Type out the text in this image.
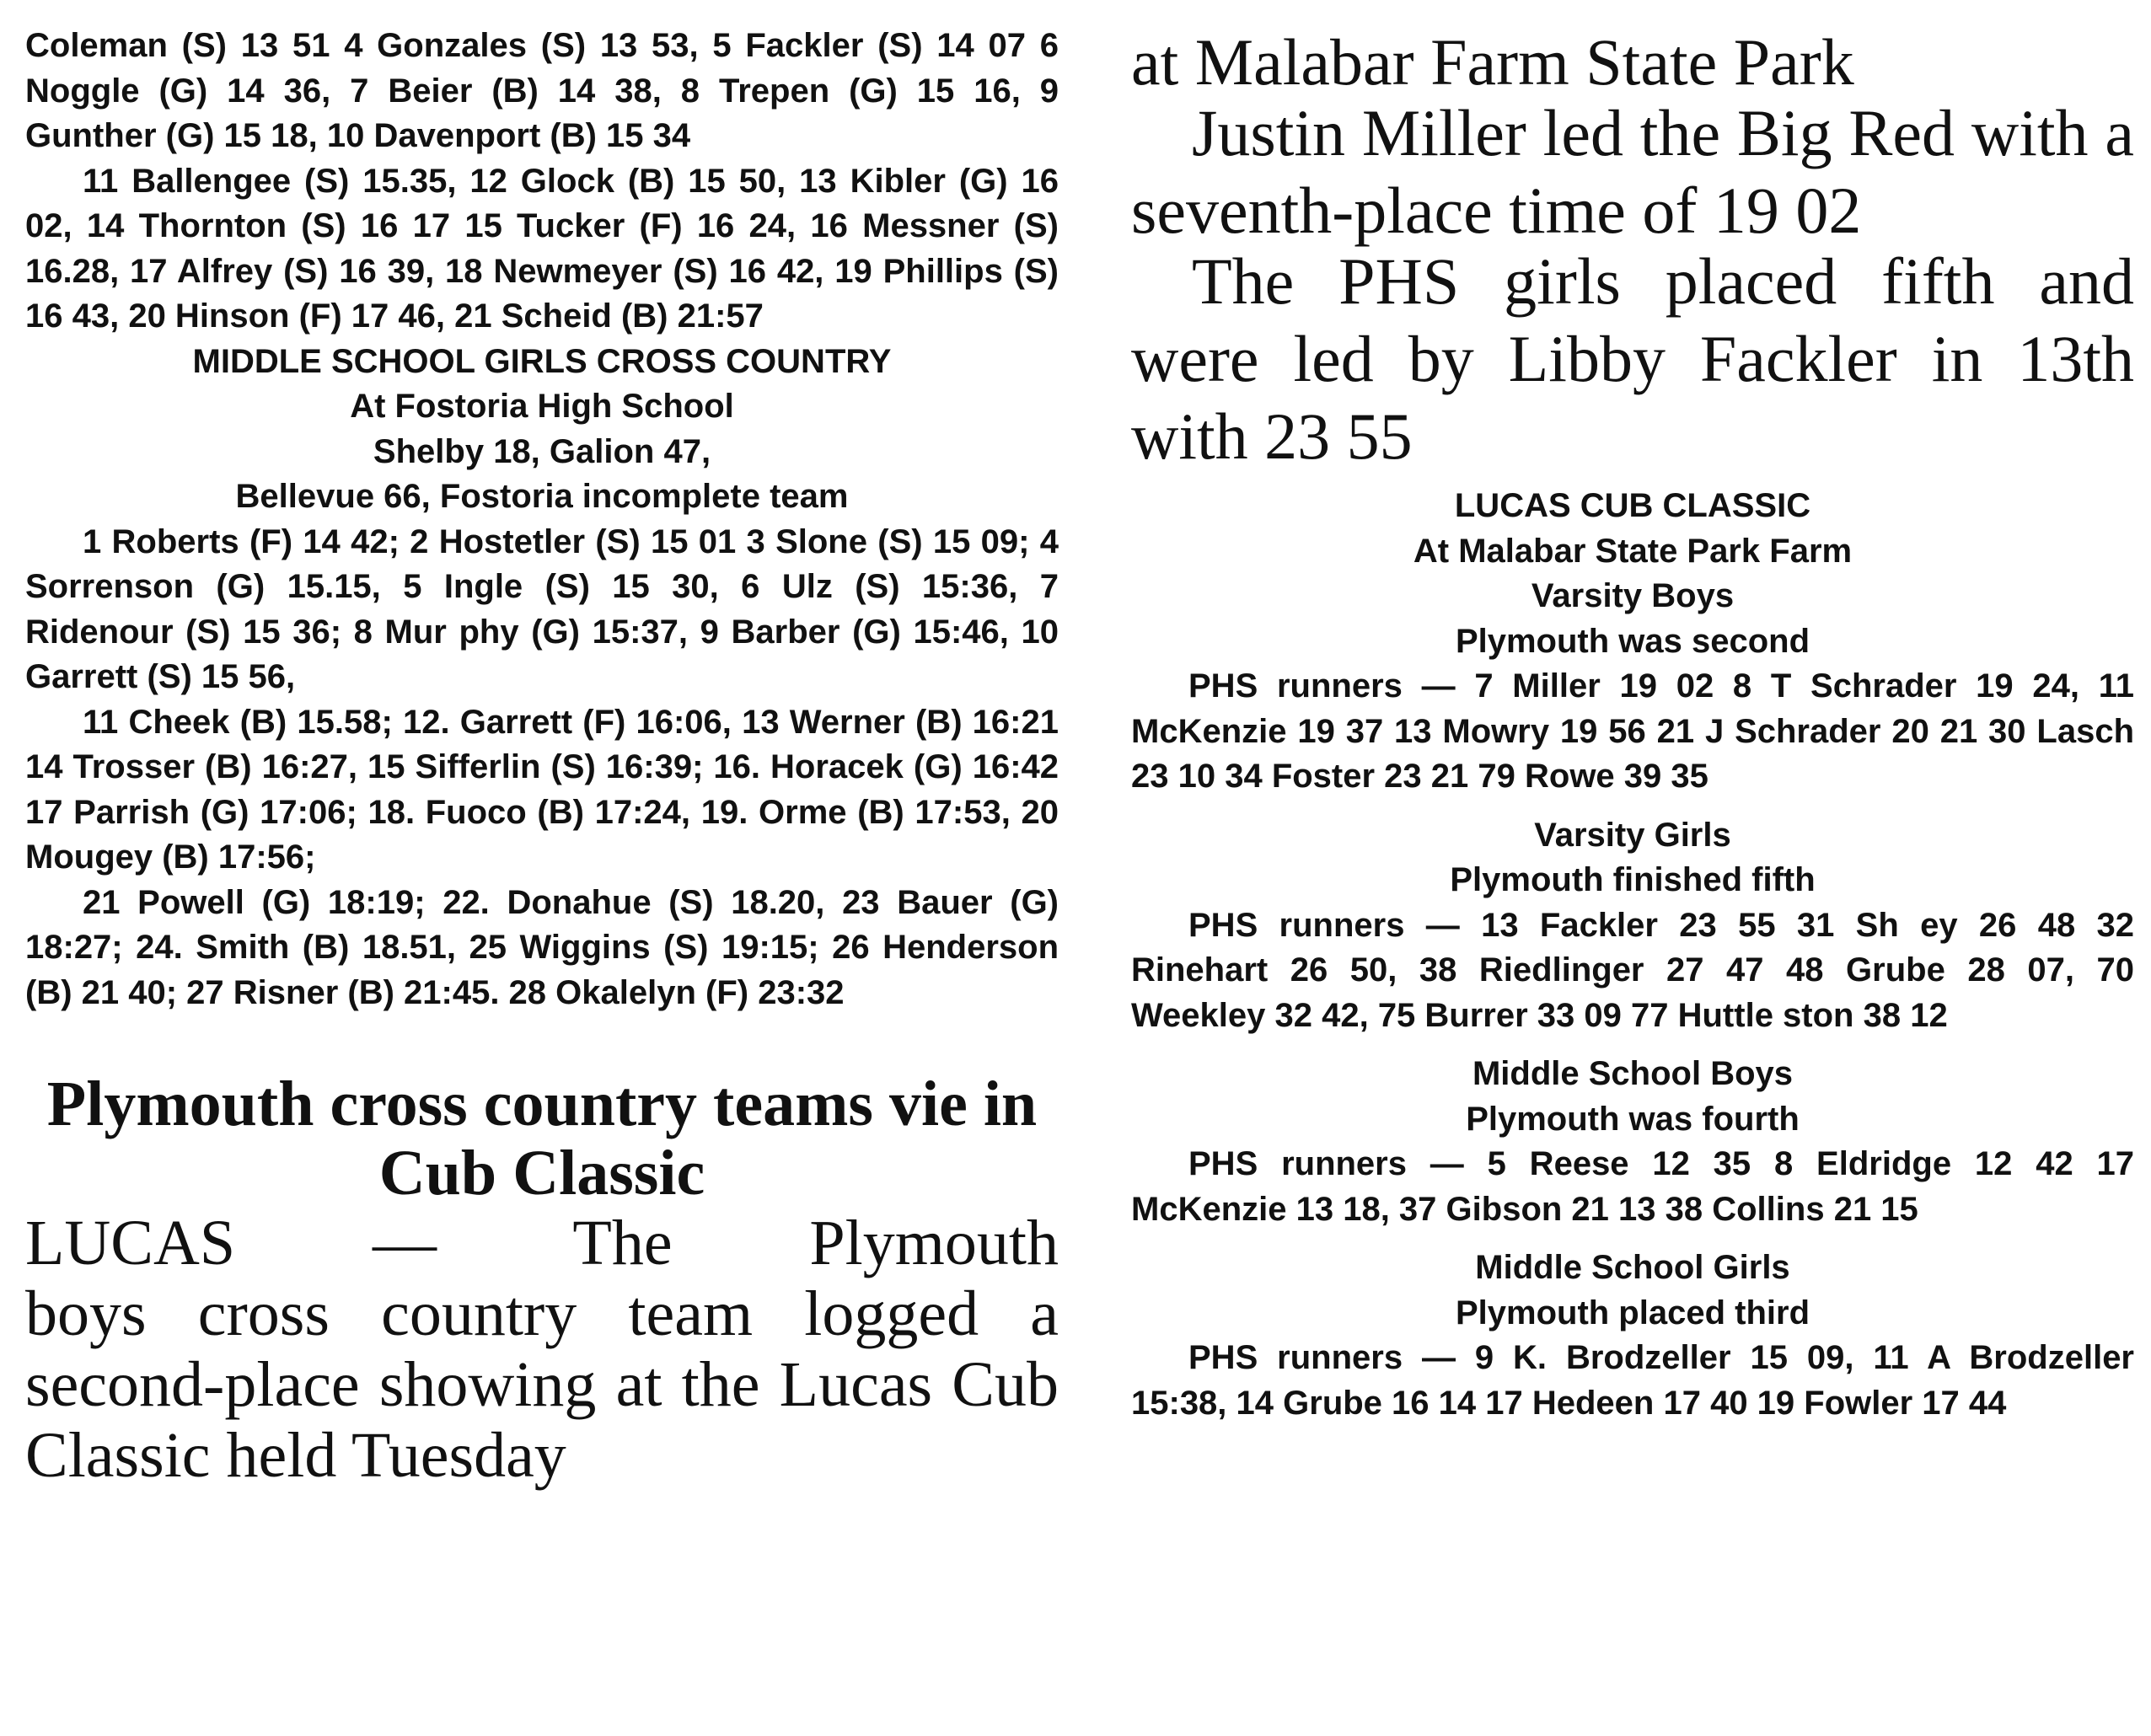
Coleman (S) 13 51 4 Gonzales (S) 13 53, 5 Fackler (S) 14 07 6 Noggle (G) 14 36, 7 Beier (B) 14 38, 8 Trepen (G) 15 16, 9 Gunther (G) 15 18, 10 Davenport (B) 15 34

11 Ballengee (S) 15.35, 12 Glock (B) 15 50, 13 Kibler (G) 16 02, 14 Thornton (S) 16 17 15 Tucker (F) 16 24, 16 Messner (S) 16.28, 17 Alfrey (S) 16 39, 18 Newmeyer (S) 16 42, 19 Phillips (S) 16 43, 20 Hinson (F) 17 46, 21 Scheid (B) 21:57

MIDDLE SCHOOL GIRLS CROSS COUNTRY

At Fostoria High School

Shelby 18, Galion 47,

Bellevue 66, Fostoria incomplete team

1 Roberts (F) 14 42; 2 Hostetler (S) 15 01 3 Slone (S) 15 09; 4 Sorrenson (G) 15.15, 5 Ingle (S) 15 30, 6 Ulz (S) 15:36, 7 Ridenour (S) 15 36; 8 Mur phy (G) 15:37, 9 Barber (G) 15:46, 10 Garrett (S) 15 56,

11 Cheek (B) 15.58; 12. Garrett (F) 16:06, 13 Werner (B) 16:21 14 Trosser (B) 16:27, 15 Sifferlin (S) 16:39; 16. Horacek (G) 16:42 17 Parrish (G) 17:06; 18. Fuoco (B) 17:24, 19. Orme (B) 17:53, 20 Mougey (B) 17:56;

21 Powell (G) 18:19; 22. Donahue (S) 18.20, 23 Bauer (G) 18:27; 24. Smith (B) 18.51, 25 Wiggins (S) 19:15; 26 Henderson (B) 21 40; 27 Risner (B) 21:45. 28 Okalelyn (F) 23:32

Plymouth cross country teams vie in Cub Classic

LUCAS — The Plymouth

boys cross country team logged a second-place showing at the Lucas Cub Classic held Tuesday

at Malabar Farm State Park

Justin Miller led the Big Red with a seventh-place time of 19 02

The PHS girls placed fifth and were led by Libby Fackler in 13th with 23 55

LUCAS CUB CLASSIC

At Malabar State Park Farm

Varsity Boys

Plymouth was second

PHS runners — 7 Miller 19 02 8 T Schrader 19 24, 11 McKenzie 19 37 13 Mowry 19 56 21 J Schrader 20 21 30 Lasch 23 10 34 Foster 23 21 79 Rowe 39 35

Varsity Girls

Plymouth finished fifth

PHS runners — 13 Fackler 23 55 31 Sh ey 26 48 32 Rinehart 26 50, 38 Riedlinger 27 47 48 Grube 28 07, 70 Weekley 32 42, 75 Burrer 33 09 77 Huttle ston 38 12

Middle School Boys

Plymouth was fourth

PHS runners — 5 Reese 12 35 8 Eldridge 12 42 17 McKenzie 13 18, 37 Gibson 21 13 38 Collins 21 15

Middle School Girls

Plymouth placed third

PHS runners — 9 K. Brodzeller 15 09, 11 A Brodzeller 15:38, 14 Grube 16 14 17 Hedeen 17 40 19 Fowler 17 44
